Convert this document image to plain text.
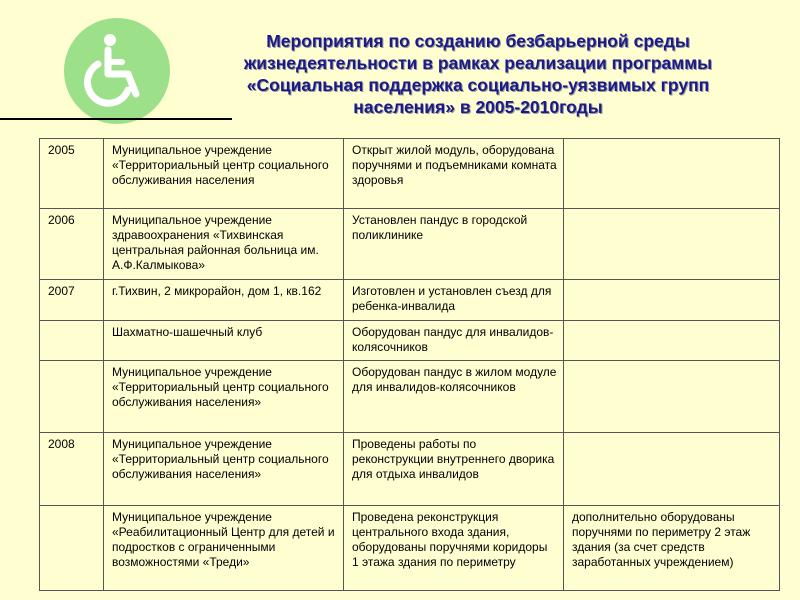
Мероприятия по созданию безбарьерной среды
жизнедеятельности в рамках реализации программы
«Социальная поддержка социально-уязвимых групп
населения» в 2005-2010годы
2005	Муниципальное учреждение «Территориальный центр социального обслуживания населения	Открыт жилой модуль, оборудована поручнями и подъемниками комната здоровья	
2006	Муниципальное учреждение здравоохранения «Тихвинская центральная районная больница им. А.Ф.Калмыкова»	Установлен пандус в городской поликлинике	
2007	г.Тихвин, 2 микрорайон, дом 1, кв.162	Изготовлен и установлен съезд для ребенка-инвалида	
	Шахматно-шашечный клуб	Оборудован пандус для инвалидов-колясочников	
	Муниципальное учреждение «Территориальный центр социального обслуживания населения»	Оборудован пандус в жилом модуле для инвалидов-колясочников	
2008	Муниципальное учреждение «Территориальный центр социального обслуживания населения»	Проведены работы по реконструкции внутреннего дворика для отдыха инвалидов	
	Муниципальное учреждение «Реабилитационный Центр для детей и подростков с ограниченными возможностями «Треди»	Проведена реконструкция центрального входа здания, оборудованы поручнями коридоры 1 этажа здания по периметру	дополнительно оборудованы поручнями по периметру 2 этаж здания (за счет средств заработанных учреждением)
